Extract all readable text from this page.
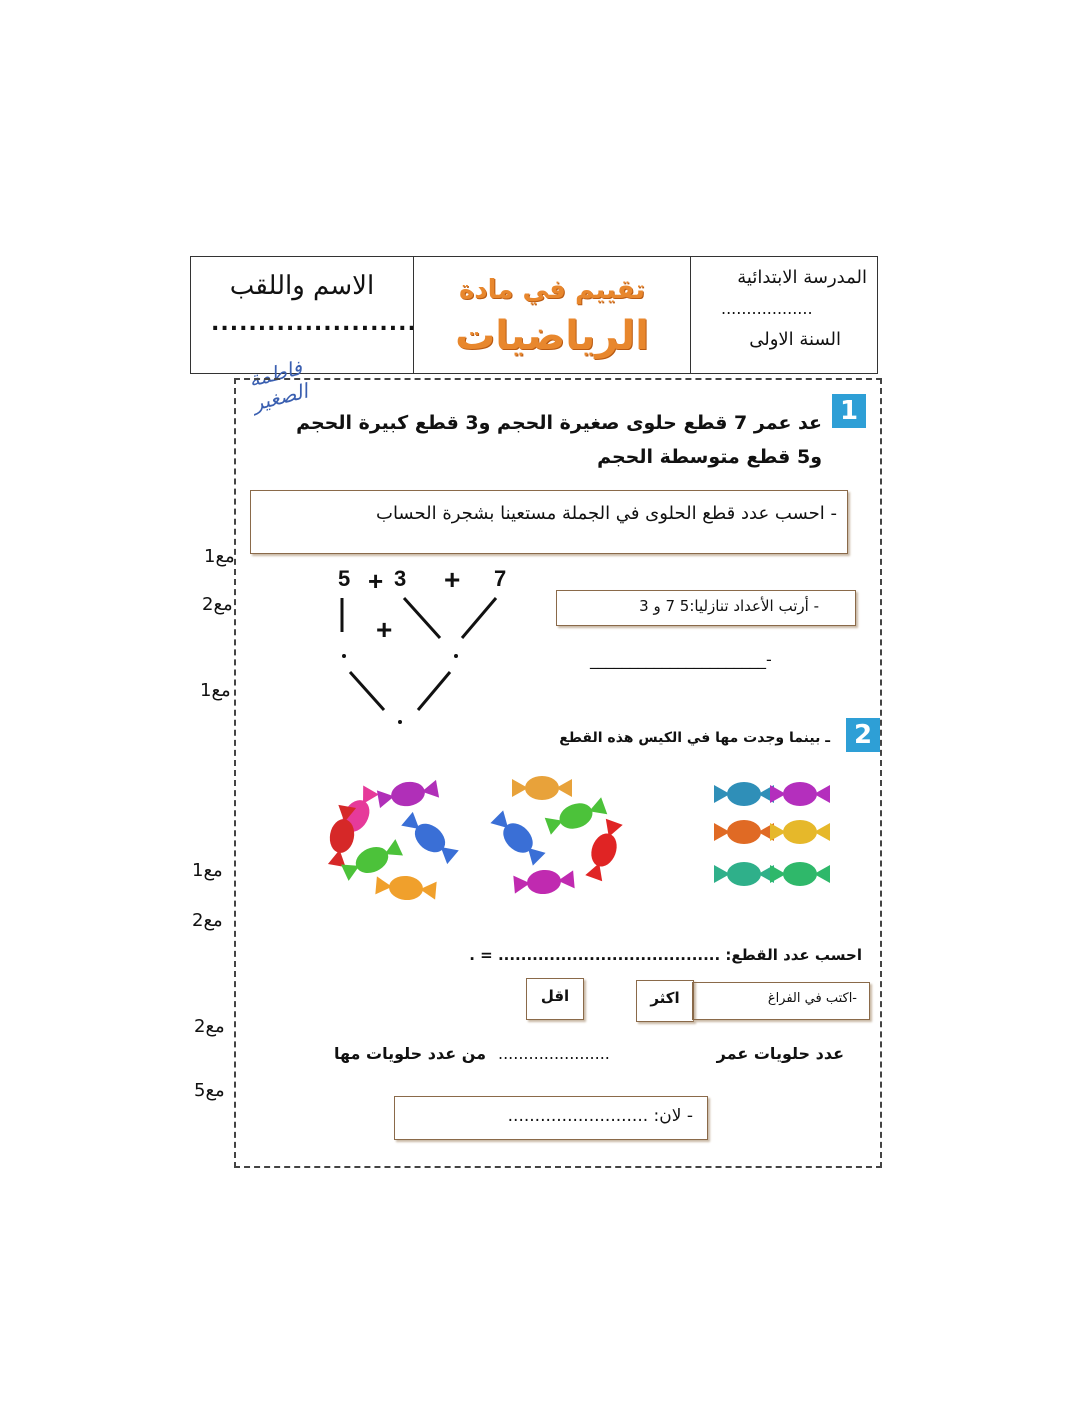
الاسم واللقب
......................
تقييم في مادة
الرياضيات
المدرسة الابتدائية
..................
السنة الاولى
فاطمة الصغير
مع1
مع2
مع1
مع1
مع2
مع2
مع5
1
عد عمر 7 قطع حلوى صغيرة الحجم و3 قطع كبيرة الحجم
و5 قطع متوسطة الحجم
- احسب عدد قطع الحلوى في الجملة مستعينا بشجرة الحساب
5 + 3 + 7
+
- أرتب الأعداد تنازليا:5 7 و 3
-______________________
2
ـ بينما وجدت مها في الكيس هذه القطع
احسب عدد القطع: ....................................... = .
اقل	اكثر	-اكتب في الفراغ
عدد حلويات عمر
......................
من عدد حلويات مها
- لان: ..........................
